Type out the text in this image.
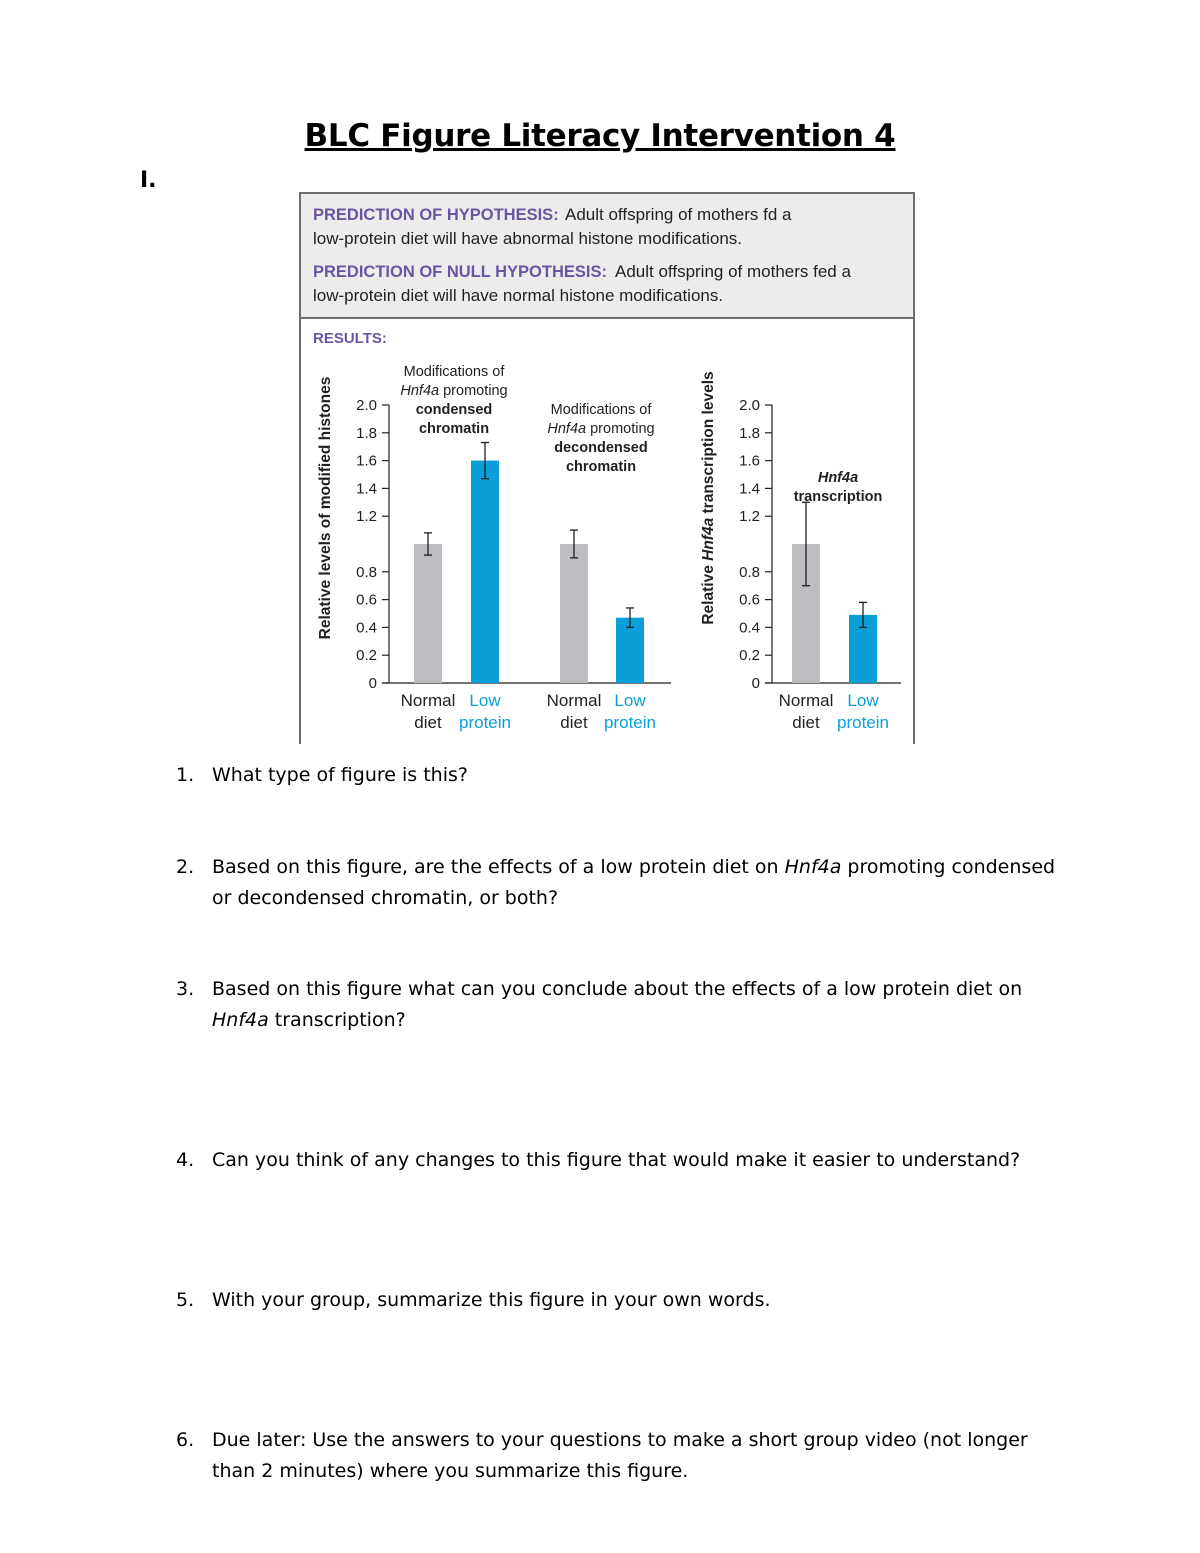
BLC Figure Literacy Intervention 4
I.
PREDICTION OF HYPOTHESIS: Adult offspring of mothers fd a
low-protein diet will have abnormal histone modifications.
PREDICTION OF NULL HYPOTHESIS: Adult offspring of mothers fed a
low-protein diet will have normal histone modifications.
RESULTS:
Relative levels of modified histones
0
0.2
0.4
0.6
0.8
1.2
1.4
1.6
1.8
2.0
Modifications of
Hnf4a promoting
condensed
chromatin
Modifications of
Hnf4a promoting
decondensed
chromatin
Normal
diet
Low
protein
Normal
diet
Low
protein
Relative Hnf4a transcription levels
0
0.2
0.4
0.6
0.8
1.2
1.4
1.6
1.8
2.0
Hnf4a
transcription
Normal
diet
Low
protein
1. What type of figure is this?
2. Based on this figure, are the effects of a low protein diet on Hnf4a promoting condensed
or decondensed chromatin, or both?
3. Based on this figure what can you conclude about the effects of a low protein diet on
Hnf4a transcription?
4. Can you think of any changes to this figure that would make it easier to understand?
5. With your group, summarize this figure in your own words.
6. Due later: Use the answers to your questions to make a short group video (not longer
than 2 minutes) where you summarize this figure.
